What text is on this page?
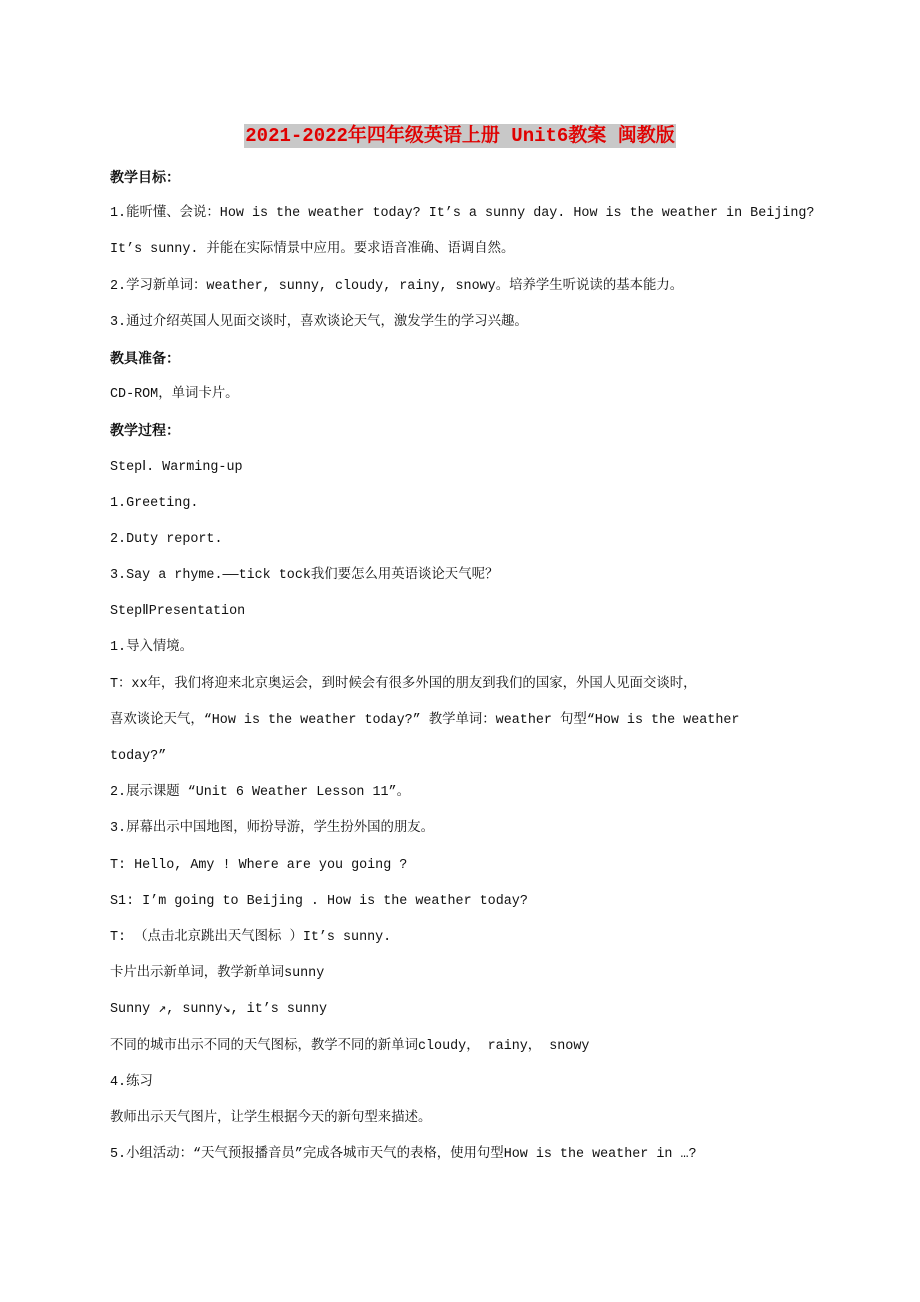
2021-2022年四年级英语上册 Unit6教案 闽教版
教学目标：
1.能听懂、会说：How is the weather today? It’s a sunny day. How is the weather in Beijing?
It’s sunny. 并能在实际情景中应用。要求语音准确、语调自然。
2.学习新单词：weather, sunny, cloudy, rainy, snowy。培养学生听说读的基本能力。
3.通过介绍英国人见面交谈时，喜欢谈论天气，激发学生的学习兴趣。
教具准备：
CD-ROM，单词卡片。
教学过程：
StepⅠ. Warming-up
1.Greeting.
2.Duty report.
3.Say a rhyme.——tick tock我们要怎么用英语谈论天气呢？
StepⅡPresentation
1.导入情境。
T：xx年，我们将迎来北京奥运会，到时候会有很多外国的朋友到我们的国家，外国人见面交谈时，
喜欢谈论天气，“How is the weather today?” 教学单词：weather 句型“How is the weather
today?”
2.展示课题 “Unit 6 Weather Lesson 11”。
3.屏幕出示中国地图，师扮导游，学生扮外国的朋友。
T: Hello, Amy ! Where are you going ?
S1: I’m going to Beijing . How is the weather today?
T: （点击北京跳出天气图标 ）It’s sunny.
卡片出示新单词，教学新单词sunny
Sunny ↗, sunny↘, it’s sunny
不同的城市出示不同的天气图标，教学不同的新单词cloudy， rainy， snowy
4.练习
教师出示天气图片，让学生根据今天的新句型来描述。
5.小组活动：“天气预报播音员”完成各城市天气的表格，使用句型How is the weather in …?
